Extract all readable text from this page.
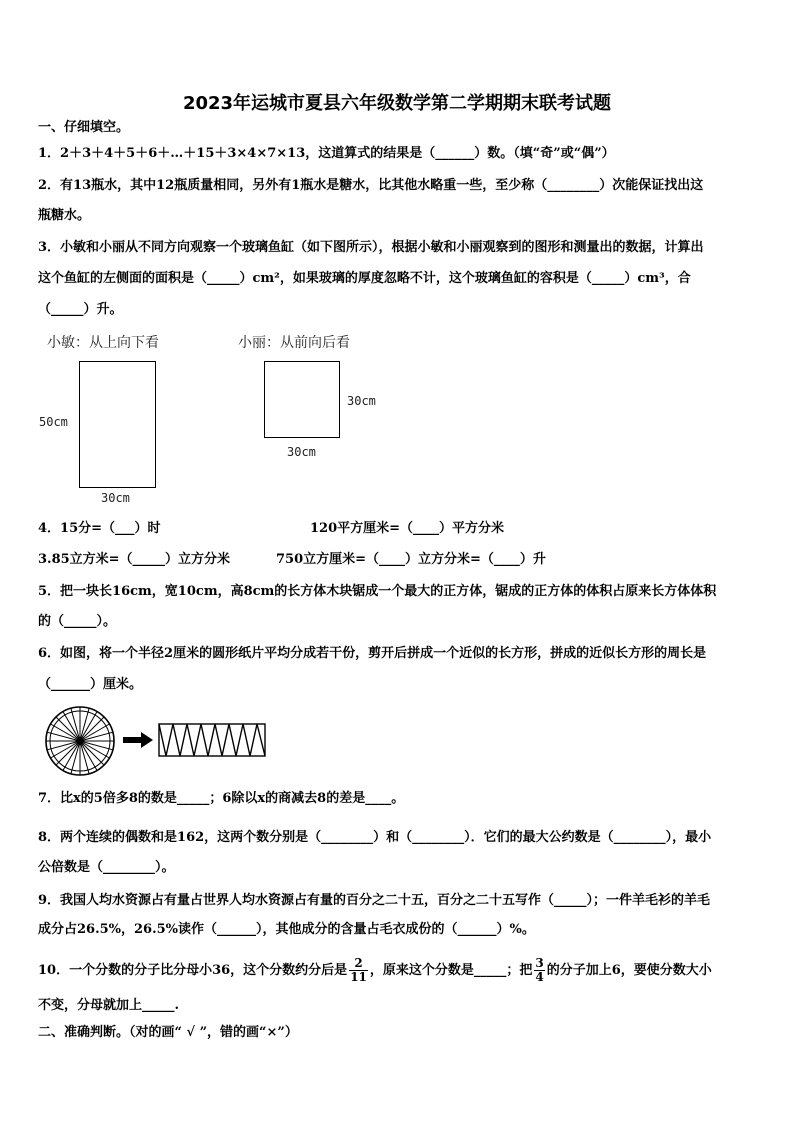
2023年运城市夏县六年级数学第二学期期末联考试题
一、仔细填空。
1．2＋3＋4＋5＋6＋…＋15＋3×4×7×13，这道算式的结果是（______）数。（填“奇”或“偶”）
2．有13瓶水，其中12瓶质量相同，另外有1瓶水是糖水，比其他水略重一些，至少称（________）次能保证找出这
瓶糖水。
3．小敏和小丽从不同方向观察一个玻璃鱼缸（如下图所示），根据小敏和小丽观察到的图形和测量出的数据，计算出
这个鱼缸的左侧面的面积是（_____）cm²，如果玻璃的厚度忽略不计，这个玻璃鱼缸的容积是（_____）cm³，合
（_____）升。
小敏：从上向下看	小丽：从前向后看
50cm
30cm
30cm
30cm
4．15分=（___）时	120平方厘米=（____）平方分米
3.85立方米=（_____）立方分米	750立方厘米=（____）立方分米=（____）升
5．把一块长16cm，宽10cm，高8cm的长方体木块锯成一个最大的正方体，锯成的正方体的体积占原来长方体体积
的（_____）。
6．如图，将一个半径2厘米的圆形纸片平均分成若干份，剪开后拼成一个近似的长方形，拼成的近似长方形的周长是
（______）厘米。
7．比x的5倍多8的数是_____；6除以x的商减去8的差是____。
8．两个连续的偶数和是162，这两个数分别是（________）和（________）．它们的最大公约数是（________），最小
公倍数是（________）。
9．我国人均水资源占有量占世界人均水资源占有量的百分之二十五，百分之二十五写作（_____）；一件羊毛衫的羊毛
成分占26.5%，26.5%读作（______），其他成分的含量占毛衣成份的（______）%。
10．一个分数的分子比分母小36，这个分数约分后是 $\frac{2}{11}$ ，原来这个分数是_____；把 $\frac{3}{4}$ 的分子加上6，要使分数大小
不变，分母就加上_____.
二、准确判断。（对的画“ √ ”，错的画“×”）
